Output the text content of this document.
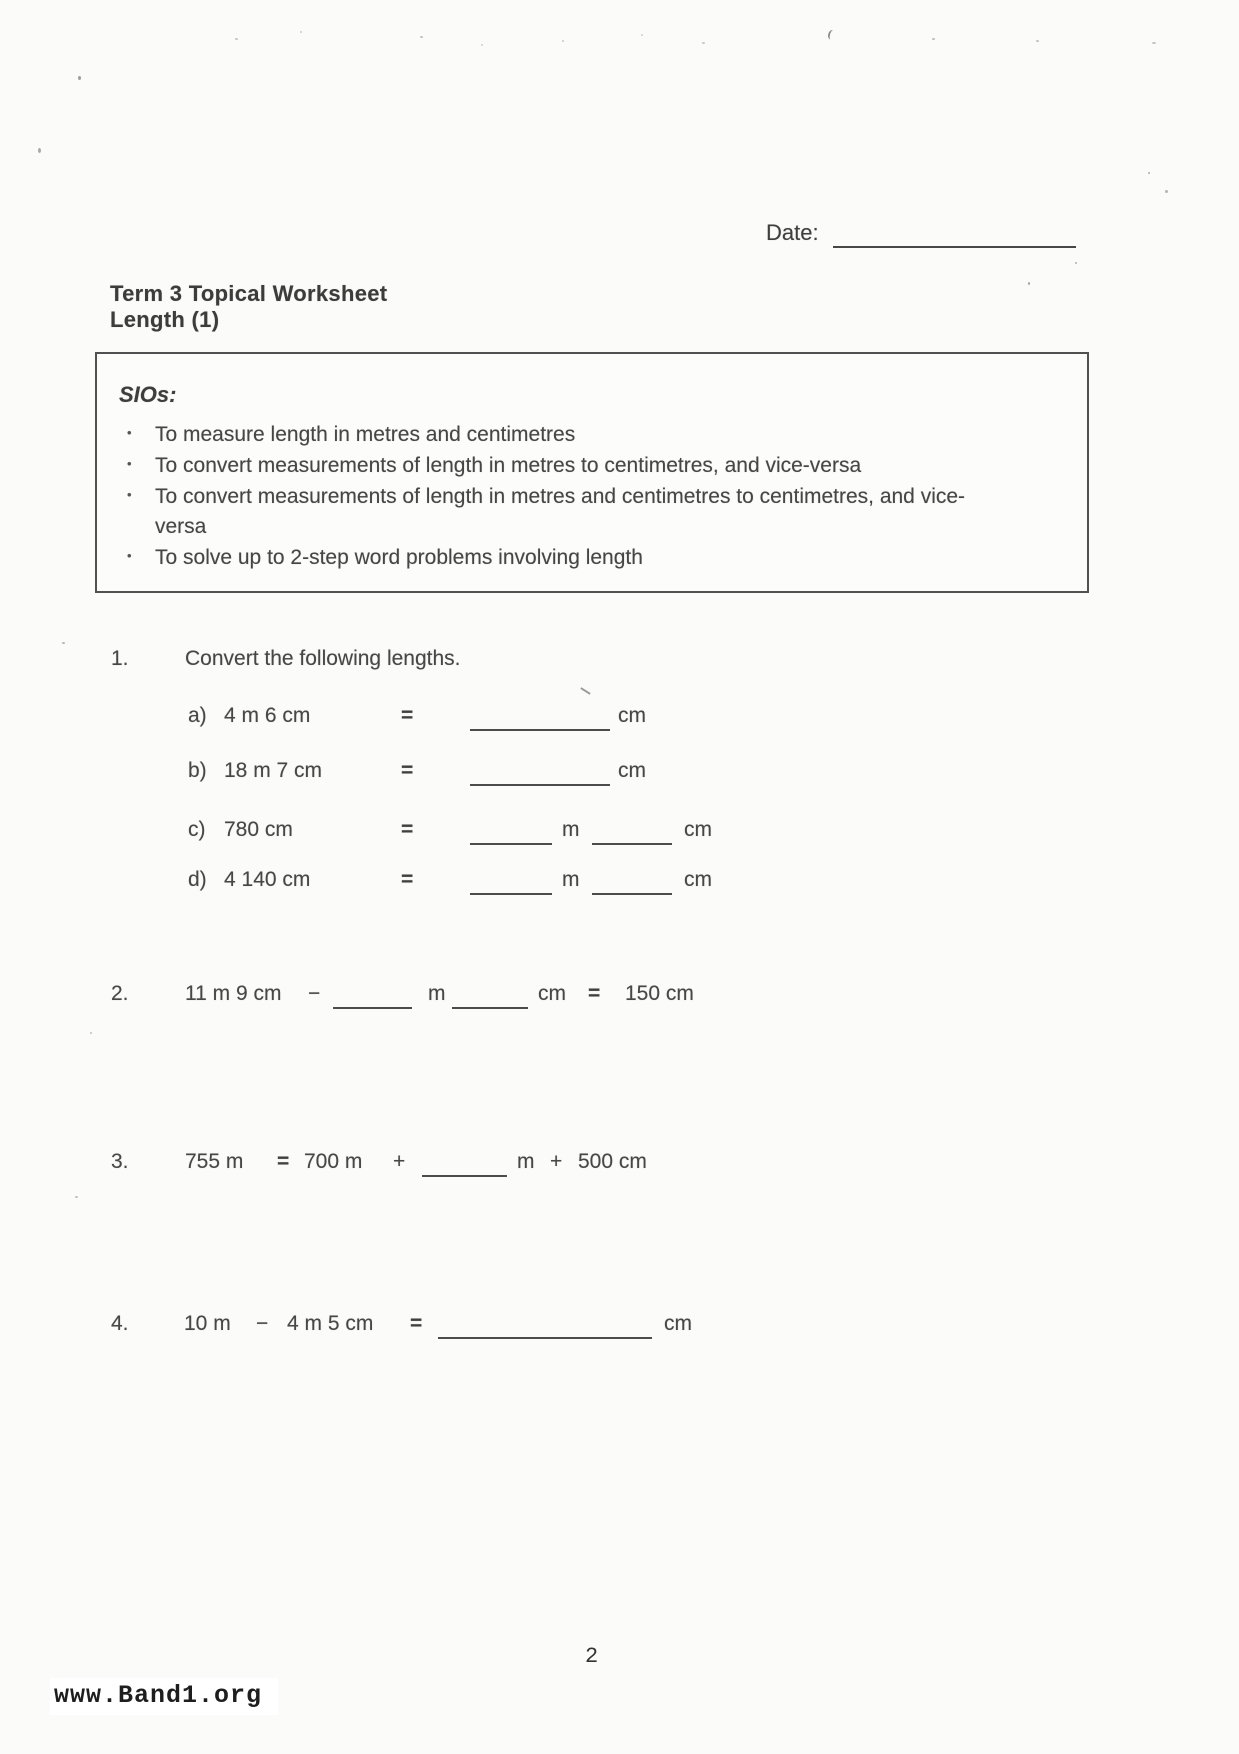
Date:
Term 3 Topical Worksheet
Length (1)
SIOs:
• To measure length in metres and centimetres
• To convert measurements of length in metres to centimetres, and vice-versa
• To convert measurements of length in metres and centimetres to centimetres, and vice-versa
• To solve up to 2-step word problems involving length
1.	Convert the following lengths.
a) 4 m 6 cm	=	cm
b) 18 m 7 cm	=	cm
c) 780 cm	=	m	cm
d) 4 140 cm	=	m	cm
2.	11 m 9 cm −	m	cm = 150 cm
3.	755 m = 700 m +	m + 500 cm
4.	10 m − 4 m 5 cm =	cm
2
www.Band1.org
